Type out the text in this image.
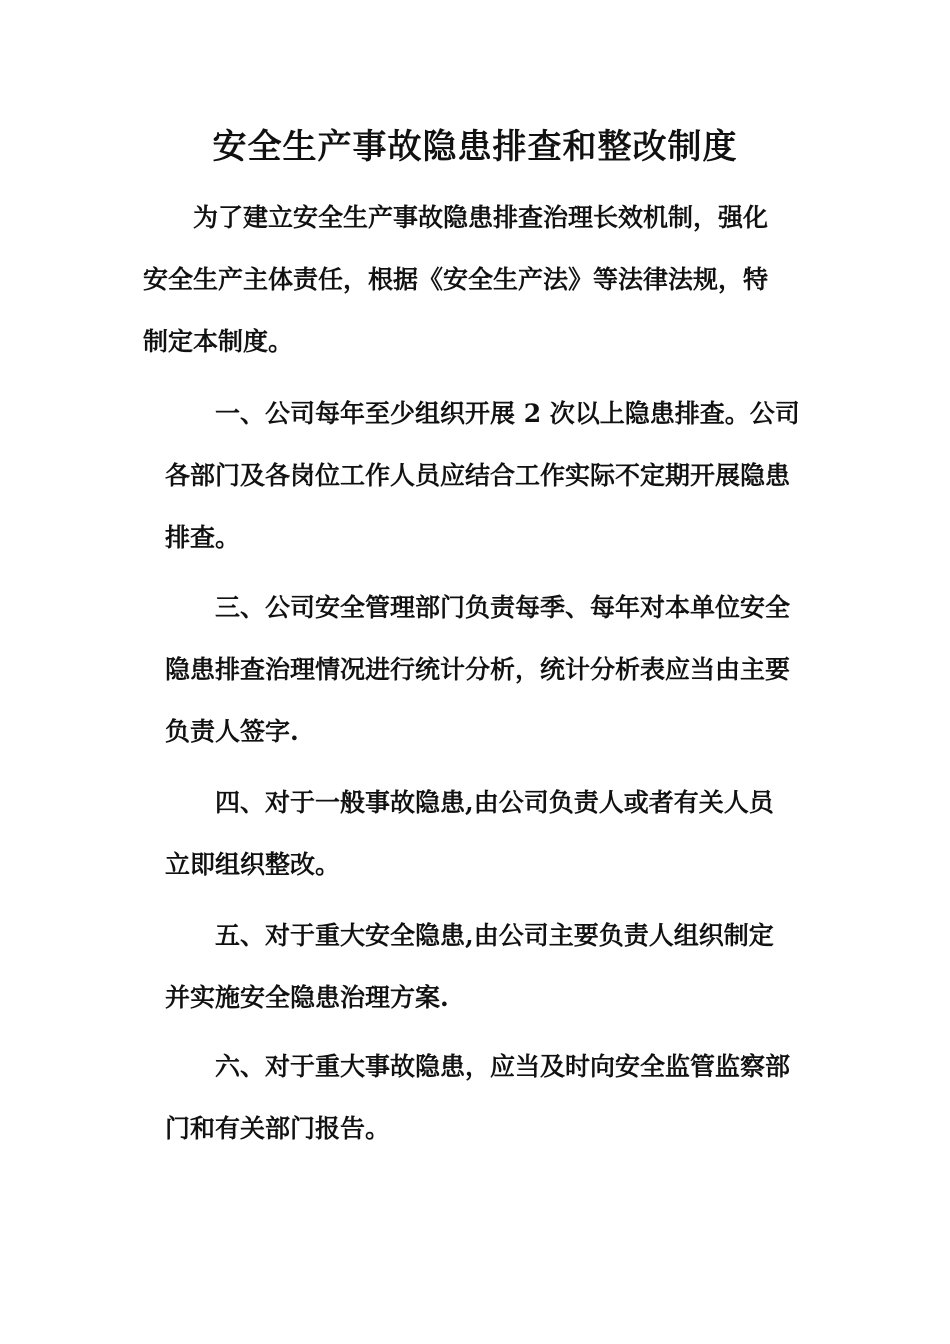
安全生产事故隐患排查和整改制度

　　为了建立安全生产事故隐患排查治理长效机制，强化
安全生产主体责任，根据《安全生产法》等法律法规，特
制定本制度。

　　一、公司每年至少组织开展 2 次以上隐患排查。公司
各部门及各岗位工作人员应结合工作实际不定期开展隐患
排查。

　　三、公司安全管理部门负责每季、每年对本单位安全
隐患排查治理情况进行统计分析，统计分析表应当由主要
负责人签字.

　　四、对于一般事故隐患,由公司负责人或者有关人员
立即组织整改。

　　五、对于重大安全隐患,由公司主要负责人组织制定
并实施安全隐患治理方案.

　　六、对于重大事故隐患，应当及时向安全监管监察部
门和有关部门报告。
